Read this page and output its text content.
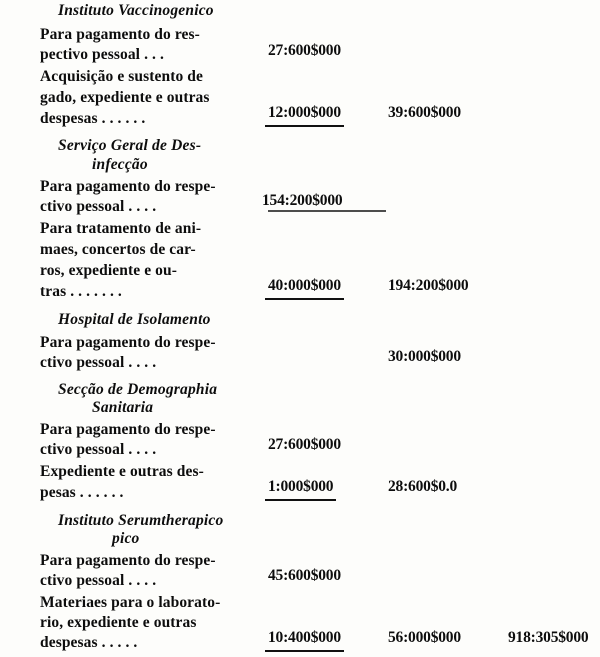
Instituto Vaccinogenico
Para pagamento do res-
pectivo pessoal . . .	27:600$000
Acquisição e sustento de
gado, expediente e outras
despesas . . . . . .	12:000$000	39:600$000
Serviço Geral de Des-
infecção
Para pagamento do respe-
ctivo pessoal . . . .	154:200$000
Para tratamento de ani-
maes, concertos de car-
ros, expediente e ou-
tras . . . . . . .	40:000$000	194:200$000
Hospital de Isolamento
Para pagamento do respe-
ctivo pessoal . . . .	30:000$000
Secção de Demographia
Sanitaria
Para pagamento do respe-
ctivo pessoal . . . .	27:600$000
Expediente e outras des-
pesas . . . . . .	1:000$000	28:600$0.0
Instituto Serumtherapico
pico
Para pagamento do respe-
ctivo pessoal . . . .	45:600$000
Materiaes para o laborato-
rio, expediente e outras
despesas . . . . .	10:400$000	56:000$000	918:305$000
